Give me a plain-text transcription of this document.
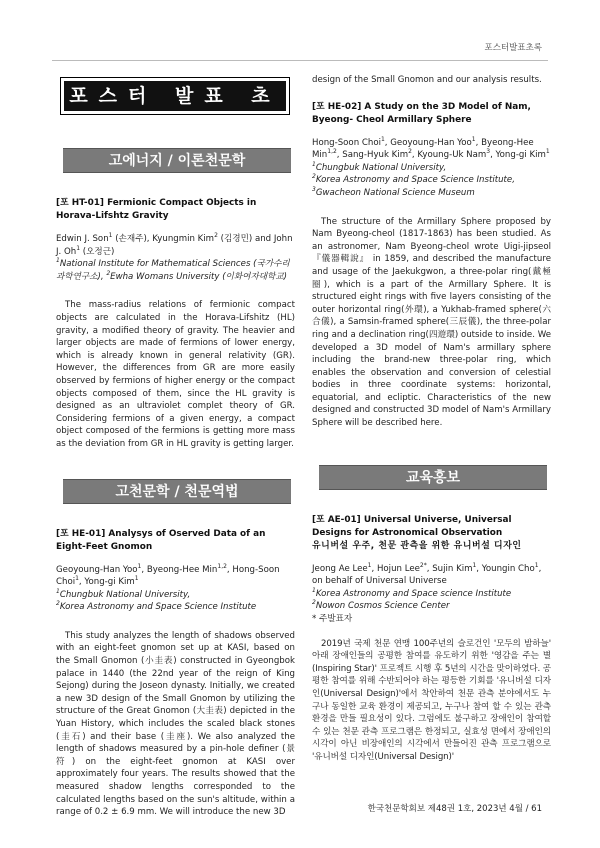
포스터발표초록
포스터 발표 초록
고에너지 / 이론천문학
[포 HT-01] Fermionic Compact Objects in Horava-Lifshtz Gravity
Edwin J. Son$^1$ (손재주), Kyungmin Kim$^2$ (김경민) and John J. Oh$^1$ (오정근)
$^1$National Institute for Mathematical Sciences (국가수리과학연구소), $^2$Ewha Womans University (이화여자대학교)

The mass-radius relations of fermionic compact objects are calculated in the Horava-Lifshitz (HL) gravity, a modified theory of gravity. The heavier and larger objects are made of fermions of lower energy, which is already known in general relativity (GR). However, the differences from GR are more easily observed by fermions of higher energy or the compact objects composed of them, since the HL gravity is designed as an ultraviolet complet theory of GR. Considering fermions of a given energy, a compact object composed of the fermions is getting more mass as the deviation from GR in HL gravity is getting larger.

고천문학 / 천문역법
[포 HE-01] Analysys of Oserved Data of an Eight-Feet Gnomon
Geoyoung-Han Yoo$^1$, Byeong-Hee Min$^{1,2}$, Hong-Soon Choi$^1$, Yong-gi Kim$^1$
$^1$Chungbuk National University,
$^2$Korea Astronomy and Space Science Institute

This study analyzes the length of shadows observed with an eight-feet gnomon set up at KASI, based on the Small Gnomon (小圭表) constructed in Gyeongbok palace in 1440 (the 22nd year of the reign of King Sejong) during the Joseon dynasty. Initially, we created a new 3D design of the Small Gnomon by utilizing the structure of the Great Gnomon (大圭表) depicted in the Yuan History, which includes the scaled black stones (圭石) and their base (圭座). We also analyzed the length of shadows measured by a pin-hole definer (景符) on the eight-feet gnomon at KASI over approximately four years. The results showed that the measured shadow lengths corresponded to the calculated lengths based on the sun's altitude, within a range of 0.2 ± 6.9 mm. We will introduce the new 3D

design of the Small Gnomon and our analysis results.

[포 HE-02] A Study on the 3D Model of Nam, Byeong- Cheol Armillary Sphere
Hong-Soon Choi$^1$, Geoyoung-Han Yoo$^1$, Byeong-Hee Min$^{1,2}$, Sang-Hyuk Kim$^2$, Kyoung-Uk Nam$^3$, Yong-gi Kim$^1$
$^1$Chungbuk National University,
$^2$Korea Astronomy and Space Science Institute,
$^3$Gwacheon National Science Museum

The structure of the Armillary Sphere proposed by Nam Byeong-cheol (1817-1863) has been studied. As an astronomer, Nam Byeong-cheol wrote Uigi-jipseol 『儀器輯說』 in 1859, and described the manufacture and usage of the Jaekukgwon, a three-polar ring(戴極圈), which is a part of the Armillary Sphere. It is structured eight rings with five layers consisting of the outer horizontal ring(外環), a Yukhab-framed sphere(六合儀), a Samsin-framed sphere(三辰儀), the three-polar ring and a declination ring(四遊環) outside to inside. We developed a 3D model of Nam's armillary sphere including the brand-new three-polar ring, which enables the observation and conversion of celestial bodies in three coordinate systems: horizontal, equatorial, and ecliptic. Characteristics of the new designed and constructed 3D model of Nam's Armillary Sphere will be described here.

교육홍보
[포 AE-01] Universal Universe, Universal Designs for Astronomical Observation
유니버설 우주, 천문 관측을 위한 유니버설 디자인
Jeong Ae Lee$^1$, Hojun Lee$^{2*}$, Sujin Kim$^1$, Youngin Cho$^1$, on behalf of Universal Universe
$^1$Korea Astronomy and Space science Institute
$^2$Nowon Cosmos Science Center
* 주발표자

2019년 국제 천문 연맹 100주년의 슬로건인 '모두의 밤하늘' 아래 장애인들의 공평한 참여를 유도하기 위한 '영감을 주는 별(Inspiring Star)' 프로젝트 시행 후 5년의 시간을 맞이하였다. 공평한 참여를 위해 수반되어야 하는 평등한 기회를 '유니버설 디자인(Universal Design)'에서 착안하여 천문 관측 분야에서도 누구나 동일한 교육 환경이 제공되고, 누구나 참여 할 수 있는 관측 환경을 만들 필요성이 있다. 그럼에도 불구하고 장애인이 참여할 수 있는 천문 관측 프로그램은 한정되고, 실효성 면에서 장애인의 시각이 아닌 비장애인의 시각에서 만들어진 관측 프로그램으로 '유니버설 디자인(Universal Design)'

한국천문학회보 제48권 1호, 2023년 4월 / 61
